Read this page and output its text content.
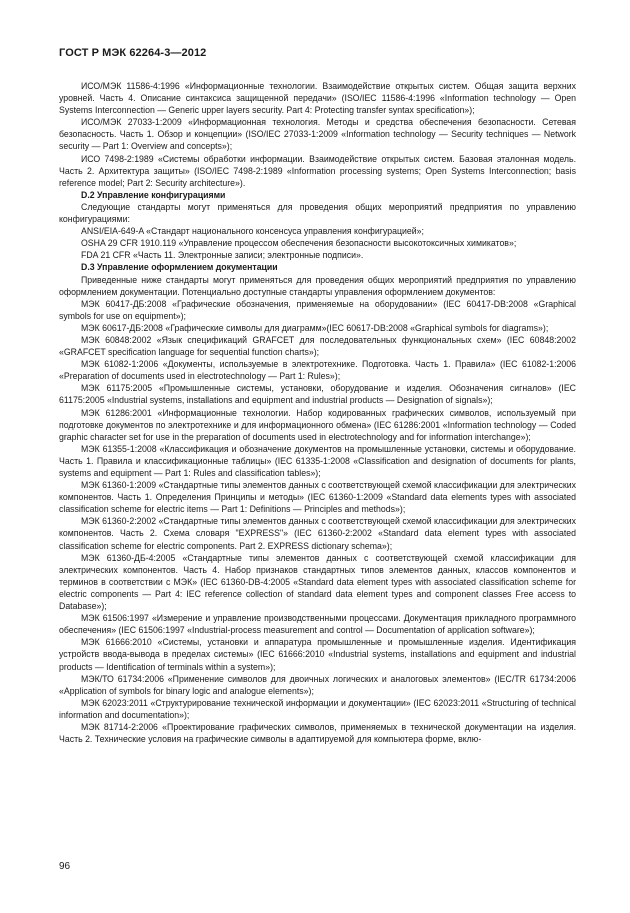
ГОСТ Р МЭК 62264-3—2012

ИСО/МЭК 11586-4:1996 «Информационные технологии. Взаимодействие открытых систем. Общая защита верхних уровней. Часть 4. Описание синтаксиса защищенной передачи» (ISO/IEC 11586-4:1996 «Information technology — Open Systems Interconnection — Generic upper layers security. Part 4: Protecting transfer syntax specification»);

ИСО/МЭК 27033-1:2009 «Информационная технология. Методы и средства обеспечения безопасности. Сетевая безопасность. Часть 1. Обзор и концепции» (ISO/IEC 27033-1:2009 «Information technology — Security techniques — Network security — Part 1: Overview and concepts»);

ИСО 7498-2:1989 «Системы обработки информации. Взаимодействие открытых систем. Базовая эталонная модель. Часть 2. Архитектура защиты» (ISO/IEC 7498-2:1989 «Information processing systems; Open Systems Interconnection; basis reference model; Part 2: Security architecture»).

D.2 Управление конфигурациями

Следующие стандарты могут применяться для проведения общих мероприятий предприятия по управлению конфигурациями:

ANSI/EIA-649-A «Стандарт национального консенсуса управления конфигурацией»;

OSHA 29 CFR 1910.119 «Управление процессом обеспечения безопасности высокотоксичных химикатов»;

FDA 21 CFR «Часть 11. Электронные записи; электронные подписи».

D.3 Управление оформлением документации

Приведенные ниже стандарты могут применяться для проведения общих мероприятий предприятия по управлению оформлением документации. Потенциально доступные стандарты управления оформлением документов:

МЭК 60417-ДБ:2008 «Графические обозначения, применяемые на оборудовании» (IEC 60417-DB:2008 «Graphical symbols for use on equipment»);

МЭК 60617-ДБ:2008 «Графические символы для диаграмм»(IEC 60617-DB:2008 «Graphical symbols for diagrams»);

МЭК 60848:2002 «Язык спецификаций GRAFCET для последовательных функциональных схем» (IEC 60848:2002 «GRAFCET specification language for sequential function charts»);

МЭК 61082-1:2006 «Документы, используемые в электротехнике. Подготовка. Часть 1. Правила» (IEC 61082-1:2006 «Preparation of documents used in electrotechnology — Part 1: Rules»);

МЭК 61175:2005 «Промышленные системы, установки, оборудование и изделия. Обозначения сигналов» (IEC 61175:2005 «Industrial systems, installations and equipment and industrial products — Designation of signals»);

МЭК 61286:2001 «Информационные технологии. Набор кодированных графических символов, используемый при подготовке документов по электротехнике и для информационного обмена» (IEC 61286:2001 «Information technology — Coded graphic character set for use in the preparation of documents used in electrotechnology and for information interchange»);

МЭК 61355-1:2008 «Классификация и обозначение документов на промышленные установки, системы и оборудование. Часть 1. Правила и классификационные таблицы» (IEC 61335-1:2008 «Classification and designation of documents for plants, systems and equipment — Part 1: Rules and classification tables»);

МЭК 61360-1:2009 «Стандартные типы элементов данных с соответствующей схемой классификации для электрических компонентов. Часть 1. Определения Принципы и методы» (IEC 61360-1:2009 «Standard data elements types with associated classification scheme for electric items — Part 1: Definitions — Principles and methods»);

МЭК 61360-2:2002 «Стандартные типы элементов данных с соответствующей схемой классификации для электрических компонентов. Часть 2. Схема словаря "EXPRESS"» (IEC 61360-2:2002 «Standard data element types with associated classification scheme for electric components. Part 2. EXPRESS dictionary schema»);

МЭК 61360-ДБ-4:2005 «Стандартные типы элементов данных с соответствующей схемой классификации для электрических компонентов. Часть 4. Набор признаков стандартных типов элементов данных, классов компонентов и терминов в соответствии с МЭК» (IEC 61360-DB-4:2005 «Standard data element types with associated classification scheme for electric components — Part 4: IEC reference collection of standard data element types and component classes Free access to Database»);

МЭК 61506:1997 «Измерение и управление производственными процессами. Документация прикладного программного обеспечения» (IEC 61506:1997 «Industrial-process measurement and control — Documentation of application software»);

МЭК 61666:2010 «Системы, установки и аппаратура промышленные и промышленные изделия. Идентификация устройств ввода-вывода в пределах системы» (IEC 61666:2010 «Industrial systems, installations and equipment and industrial products — Identification of terminals within a system»);

МЭК/ТО 61734:2006 «Применение символов для двоичных логических и аналоговых элементов» (IEC/TR 61734:2006 «Application of symbols for binary logic and analogue elements»);

МЭК 62023:2011 «Структурирование технической информации и документации» (IEC 62023:2011 «Structuring of technical information and documentation»);

МЭК 81714-2:2006 «Проектирование графических символов, применяемых в технической документации на изделия. Часть 2. Технические условия на графические символы в адаптируемой для компьютера форме, вклю-

96
